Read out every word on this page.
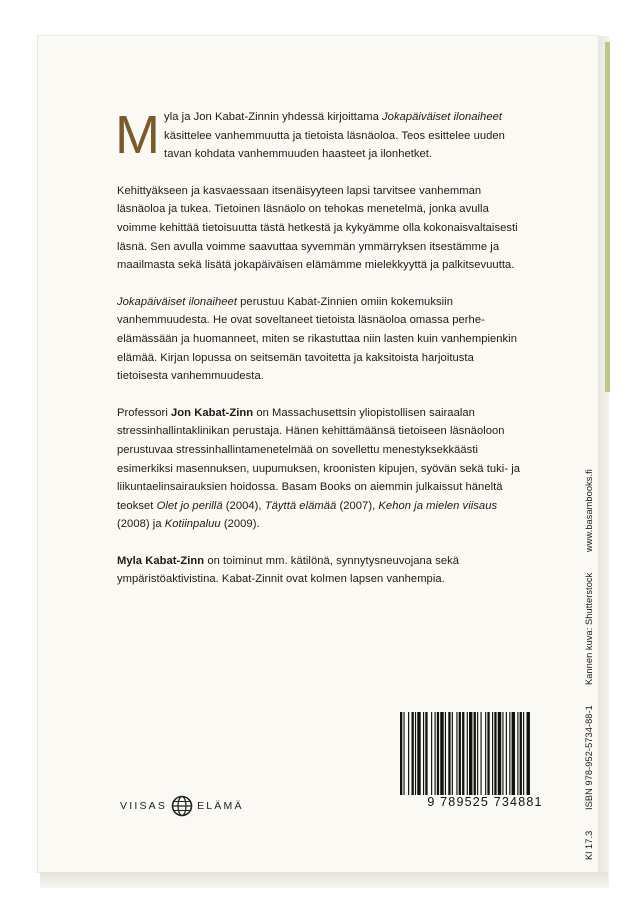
Myla ja Jon Kabat-Zinnin yhdessä kirjoittama Jokapäiväiset ilonaiheet käsittelee vanhemmuutta ja tietoista läsnäoloa. Teos esittelee uuden tavan kohdata vanhemmuuden haasteet ja ilonhetket.

Kehittyäkseen ja kasvaessaan itsenäisyyteen lapsi tarvitsee vanhemman läsnäoloa ja tukea. Tietoinen läsnäolo on tehokas menetelmä, jonka avulla voimme kehittää tietoisuutta tästä hetkestä ja kykyämme olla kokonaisvaltaisesti läsnä. Sen avulla voimme saavuttaa syvemmän ymmärryksen itsestämme ja maailmasta sekä lisätä jokapäiväisen elämämme mielekkyyttä ja palkitsevuutta.

Jokapäiväiset ilonaiheet perustuu Kabat-Zinnien omiin kokemuksiin vanhemmuudesta. He ovat soveltaneet tietoista läsnäoloa omassa perhe-elämässään ja huomanneet, miten se rikastuttaa niin lasten kuin vanhempienkin elämää. Kirjan lopussa on seitsemän tavoitetta ja kaksitoista harjoitusta tietoisesta vanhemmuudesta.

Professori Jon Kabat-Zinn on Massachusettsin yliopistollisen sairaalan stressinhallintaklinikan perustaja. Hänen kehittämäänsä tietoiseen läsnäoloon perustuvaa stressinhallintamenetelmää on sovellettu menestyksekkäästi esimerkiksi masennuksen, uupumuksen, kroonisten kipujen, syövän sekä tuki- ja liikuntaelinsairauksien hoidossa. Basam Books on aiemmin julkaissut häneltä teokset Olet jo perillä (2004), Täyttä elämää (2007), Kehon ja mielen viisaus (2008) ja Kotiinpaluu (2009).

Myla Kabat-Zinn on toiminut mm. kätilönä, synnytysneuvojana sekä ympäristöaktivistina. Kabat-Zinnit ovat kolmen lapsen vanhempia.

Kl 17.3 ISBN 978-952-5734-88-1 Kannen kuva: Shutterstock www.basambooks.fi
VIISAS	ELÄMÄ	9 789525 734881
